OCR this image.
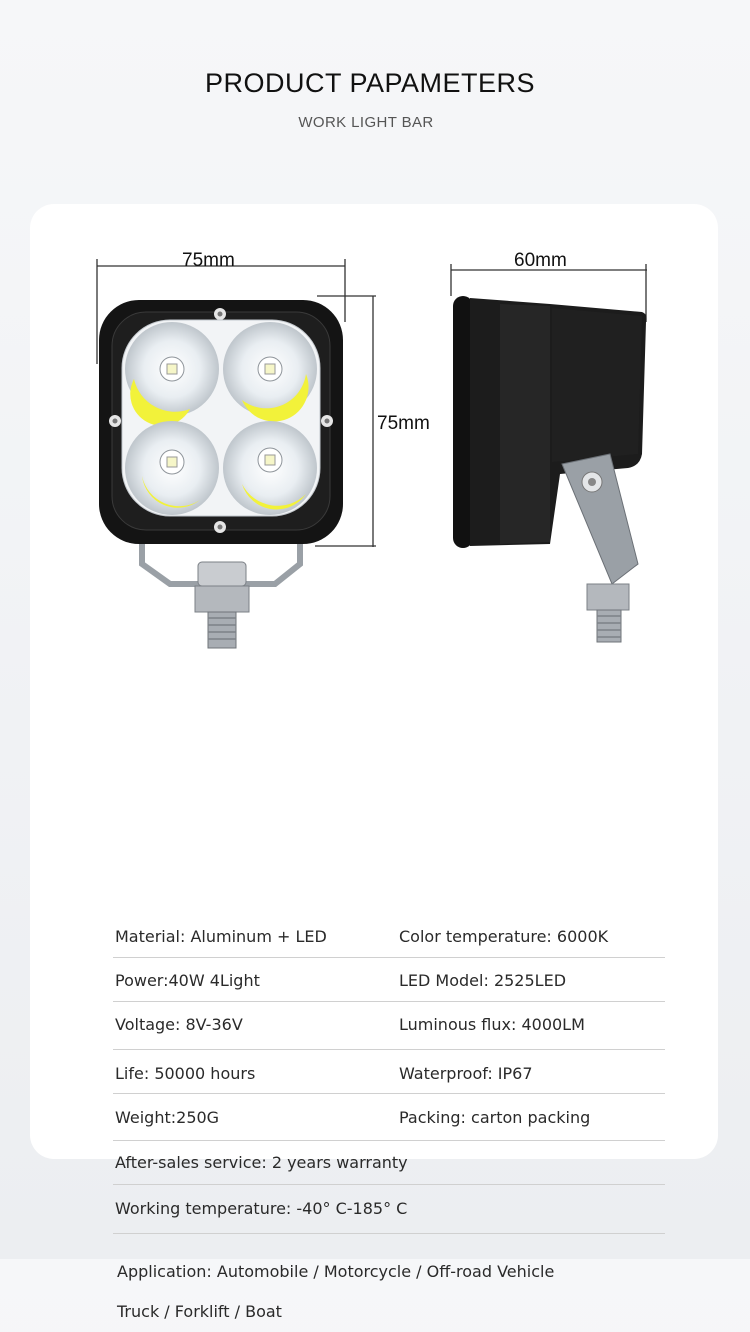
PRODUCT PAPAMETERS
WORK LIGHT BAR
75mm
75mm
60mm
Material: Aluminum + LED	Color temperature: 6000K
Power:40W 4Light	LED Model: 2525LED
Voltage: 8V-36V	Luminous flux: 4000LM
Life: 50000 hours	Waterproof: IP67
Weight:250G	Packing: carton packing
After-sales service: 2 years warranty
Working temperature: -40° C-185° C
Application: Automobile / Motorcycle / Off-road Vehicle
Truck / Forklift / Boat
